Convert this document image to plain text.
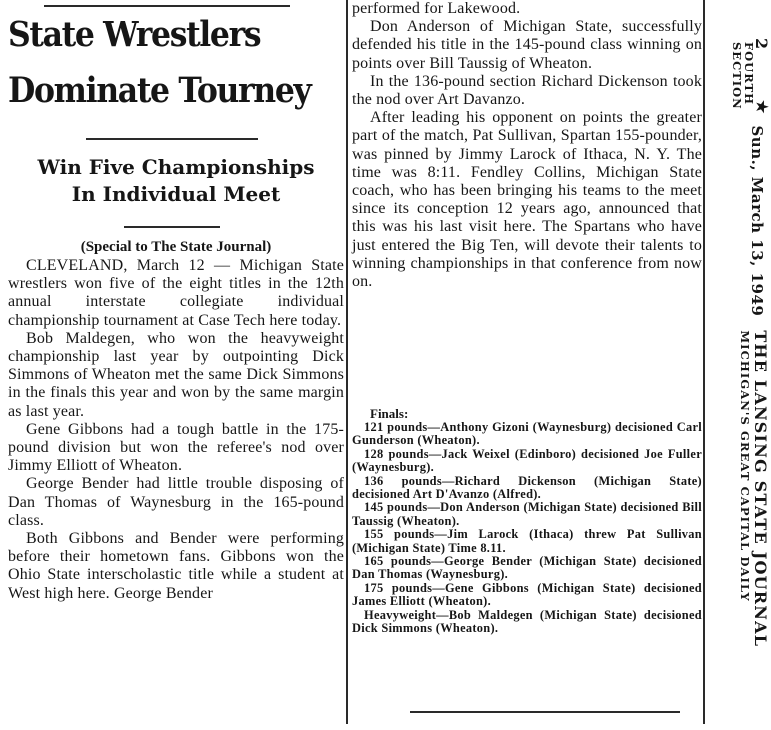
State Wrestlers
Dominate Tourney

Win Five Championships

In Individual Meet

(Special to The State Journal)

CLEVELAND, March 12 — Michigan State wrestlers won five of the eight titles in the 12th annual interstate collegiate individual championship tournament at Case Tech here today.

Bob Maldegen, who won the heavyweight championship last year by outpointing Dick Simmons of Wheaton met the same Dick Simmons in the finals this year and won by the same margin as last year.

Gene Gibbons had a tough battle in the 175-pound division but won the referee's nod over Jimmy Elliott of Wheaton.

George Bender had little trouble disposing of Dan Thomas of Waynesburg in the 165-pound class.

Both Gibbons and Bender were performing before their hometown fans. Gibbons won the Ohio State interscholastic title while a student at West high here. George Bender

performed for Lakewood.

Don Anderson of Michigan State, successfully defended his title in the 145-pound class winning on points over Bill Taussig of Wheaton.

In the 136-pound section Richard Dickenson took the nod over Art Davanzo.

After leading his opponent on points the greater part of the match, Pat Sullivan, Spartan 155-pounder, was pinned by Jimmy Larock of Ithaca, N. Y. The time was 8:11. Fendley Collins, Michigan State coach, who has been bringing his teams to the meet since its conception 12 years ago, announced that this was his last visit here. The Spartans who have just entered the Big Ten, will devote their talents to winning championships in that conference from now on.

Finals:

121 pounds—Anthony Gizoni (Waynesburg) decisioned Carl Gunderson (Wheaton).

128 pounds—Jack Weixel (Edinboro) decisioned Joe Fuller (Waynesburg).

136 pounds—Richard Dickenson (Michigan State) decisioned Art D'Avanzo (Alfred).

145 pounds—Don Anderson (Michigan State) decisioned Bill Taussig (Wheaton).

155 pounds—Jim Larock (Ithaca) threw Pat Sullivan (Michigan State) Time 8.11.

165 pounds—George Bender (Michigan State) decisioned Dan Thomas (Waynesburg).

175 pounds—Gene Gibbons (Michigan State) decisioned James Elliott (Wheaton).

Heavyweight—Bob Maldegen (Michigan State) decisioned Dick Simmons (Wheaton).

2
FOURTH SECTION ★
Sun., March 13, 1949
THE LANSING STATE JOURNAL
MICHIGAN'S GREAT CAPITAL DAILY
